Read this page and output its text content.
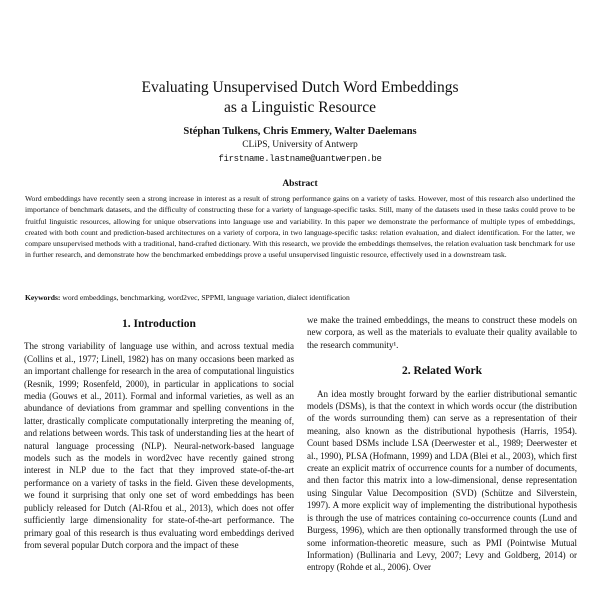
Evaluating Unsupervised Dutch Word Embeddings
as a Linguistic Resource
Stéphan Tulkens, Chris Emmery, Walter Daelemans
CLiPS, University of Antwerp
firstname.lastname@uantwerpen.be
Abstract

Word embeddings have recently seen a strong increase in interest as a result of strong performance gains on a variety of tasks. However, most of this research also underlined the importance of benchmark datasets, and the difficulty of constructing these for a variety of language-specific tasks. Still, many of the datasets used in these tasks could prove to be fruitful linguistic resources, allowing for unique observations into language use and variability. In this paper we demonstrate the performance of multiple types of embeddings, created with both count and prediction-based architectures on a variety of corpora, in two language-specific tasks: relation evaluation, and dialect identification. For the latter, we compare unsupervised methods with a traditional, hand-crafted dictionary. With this research, we provide the embeddings themselves, the relation evaluation task benchmark for use in further research, and demonstrate how the benchmarked embeddings prove a useful unsupervised linguistic resource, effectively used in a downstream task.

Keywords: word embeddings, benchmarking, word2vec, SPPMI, language variation, dialect identification

1. Introduction

The strong variability of language use within, and across textual media (Collins et al., 1977; Linell, 1982) has on many occasions been marked as an important challenge for research in the area of computational linguistics (Resnik, 1999; Rosenfeld, 2000), in particular in applications to social media (Gouws et al., 2011). Formal and informal varieties, as well as an abundance of deviations from grammar and spelling conventions in the latter, drastically complicate computationally interpreting the meaning of, and relations between words. This task of understanding lies at the heart of natural language processing (NLP). Neural-network-based language models such as the models in word2vec have recently gained strong interest in NLP due to the fact that they improved state-of-the-art performance on a variety of tasks in the field. Given these developments, we found it surprising that only one set of word embeddings has been publicly released for Dutch (Al-Rfou et al., 2013), which does not offer sufficiently large dimensionality for state-of-the-art performance. The primary goal of this research is thus evaluating word embeddings derived from several popular Dutch corpora and the impact of these

we make the trained embeddings, the means to construct these models on new corpora, as well as the materials to evaluate their quality available to the research community¹.

2. Related Work

An idea mostly brought forward by the earlier distributional semantic models (DSMs), is that the context in which words occur (the distribution of the words surrounding them) can serve as a representation of their meaning, also known as the distributional hypothesis (Harris, 1954). Count based DSMs include LSA (Deerwester et al., 1989; Deerwester et al., 1990), PLSA (Hofmann, 1999) and LDA (Blei et al., 2003), which first create an explicit matrix of occurrence counts for a number of documents, and then factor this matrix into a low-dimensional, dense representation using Singular Value Decomposition (SVD) (Schütze and Silverstein, 1997). A more explicit way of implementing the distributional hypothesis is through the use of matrices containing co-occurrence counts (Lund and Burgess, 1996), which are then optionally transformed through the use of some information-theoretic measure, such as PMI (Pointwise Mutual Information) (Bullinaria and Levy, 2007; Levy and Goldberg, 2014) or entropy (Rohde et al., 2006). Over
